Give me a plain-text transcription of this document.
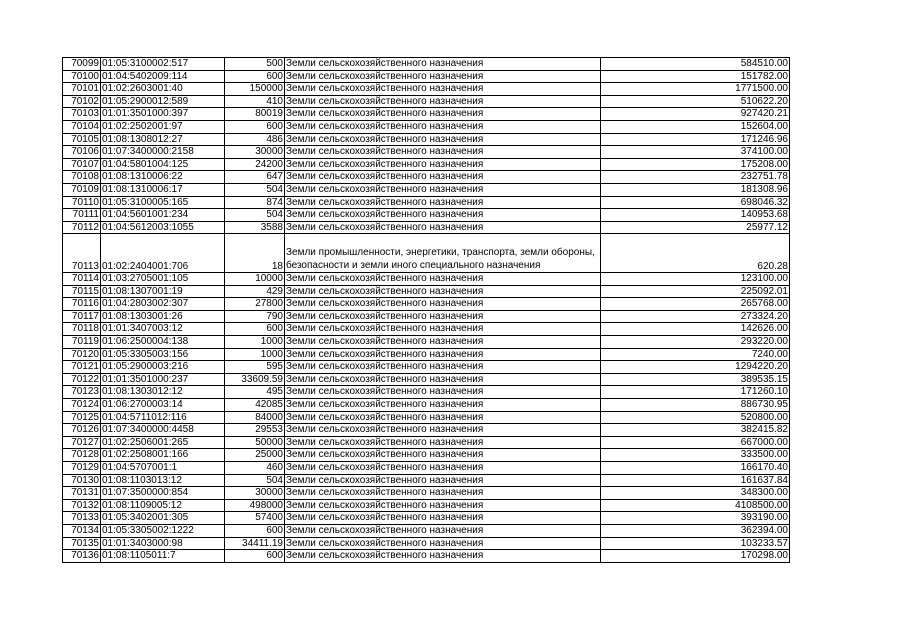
70099	01:05:3100002:517	500	Земли сельскохозяйственного назначения	584510.00
70100	01:04:5402009:114	600	Земли сельскохозяйственного назначения	151782.00
70101	01:02:2603001:40	150000	Земли сельскохозяйственного назначения	1771500.00
70102	01:05:2900012:589	410	Земли сельскохозяйственного назначения	510622.20
70103	01:01:3501000:397	80019	Земли сельскохозяйственного назначения	927420.21
70104	01:02:2502001:97	600	Земли сельскохозяйственного назначения	152604.00
70105	01:08:1308012:27	486	Земли сельскохозяйственного назначения	171246.96
70106	01:07:3400000:2158	30000	Земли сельскохозяйственного назначения	374100.00
70107	01:04:5801004:125	24200	Земли сельскохозяйственного назначения	175208.00
70108	01:08:1310006:22	647	Земли сельскохозяйственного назначения	232751.78
70109	01:08:1310006:17	504	Земли сельскохозяйственного назначения	181308.96
70110	01:05:3100005:165	874	Земли сельскохозяйственного назначения	698046.32
70111	01:04:5601001:234	504	Земли сельскохозяйственного назначения	140953.68
70112	01:04:5612003:1055	3588	Земли сельскохозяйственного назначения	25977.12
70113	01:02:2404001:706	18	Земли промышленности, энергетики, транспорта, земли обороны, безопасности и земли иного специального назначения	620.28
70114	01:03:2705001:105	10000	Земли сельскохозяйственного назначения	123100.00
70115	01:08:1307001:19	429	Земли сельскохозяйственного назначения	225092.01
70116	01:04:2803002:307	27800	Земли сельскохозяйственного назначения	265768.00
70117	01:08:1303001:26	790	Земли сельскохозяйственного назначения	273324.20
70118	01:01:3407003:12	600	Земли сельскохозяйственного назначения	142626.00
70119	01:06:2500004:138	1000	Земли сельскохозяйственного назначения	293220.00
70120	01:05:3305003:156	1000	Земли сельскохозяйственного назначения	7240.00
70121	01:05:2900003:216	595	Земли сельскохозяйственного назначения	1294220.20
70122	01:01:3501000:237	33609.59	Земли сельскохозяйственного назначения	389535.15
70123	01:08:1303012:12	495	Земли сельскохозяйственного назначения	171260.10
70124	01:06:2700003:14	42085	Земли сельскохозяйственного назначения	886730.95
70125	01:04:5711012:116	84000	Земли сельскохозяйственного назначения	520800.00
70126	01:07:3400000:4458	29553	Земли сельскохозяйственного назначения	382415.82
70127	01:02:2506001:265	50000	Земли сельскохозяйственного назначения	667000.00
70128	01:02:2508001:166	25000	Земли сельскохозяйственного назначения	333500.00
70129	01:04:5707001:1	460	Земли сельскохозяйственного назначения	166170.40
70130	01:08:1103013:12	504	Земли сельскохозяйственного назначения	161637.84
70131	01:07:3500000:854	30000	Земли сельскохозяйственного назначения	348300.00
70132	01:08:1109005:12	498000	Земли сельскохозяйственного назначения	4108500.00
70133	01:05:3402001:305	57400	Земли сельскохозяйственного назначения	393190.00
70134	01:05:3305002:1222	600	Земли сельскохозяйственного назначения	362394.00
70135	01:01:3403000:98	34411.19	Земли сельскохозяйственного назначения	103233.57
70136	01:08:1105011:7	600	Земли сельскохозяйственного назначения	170298.00
